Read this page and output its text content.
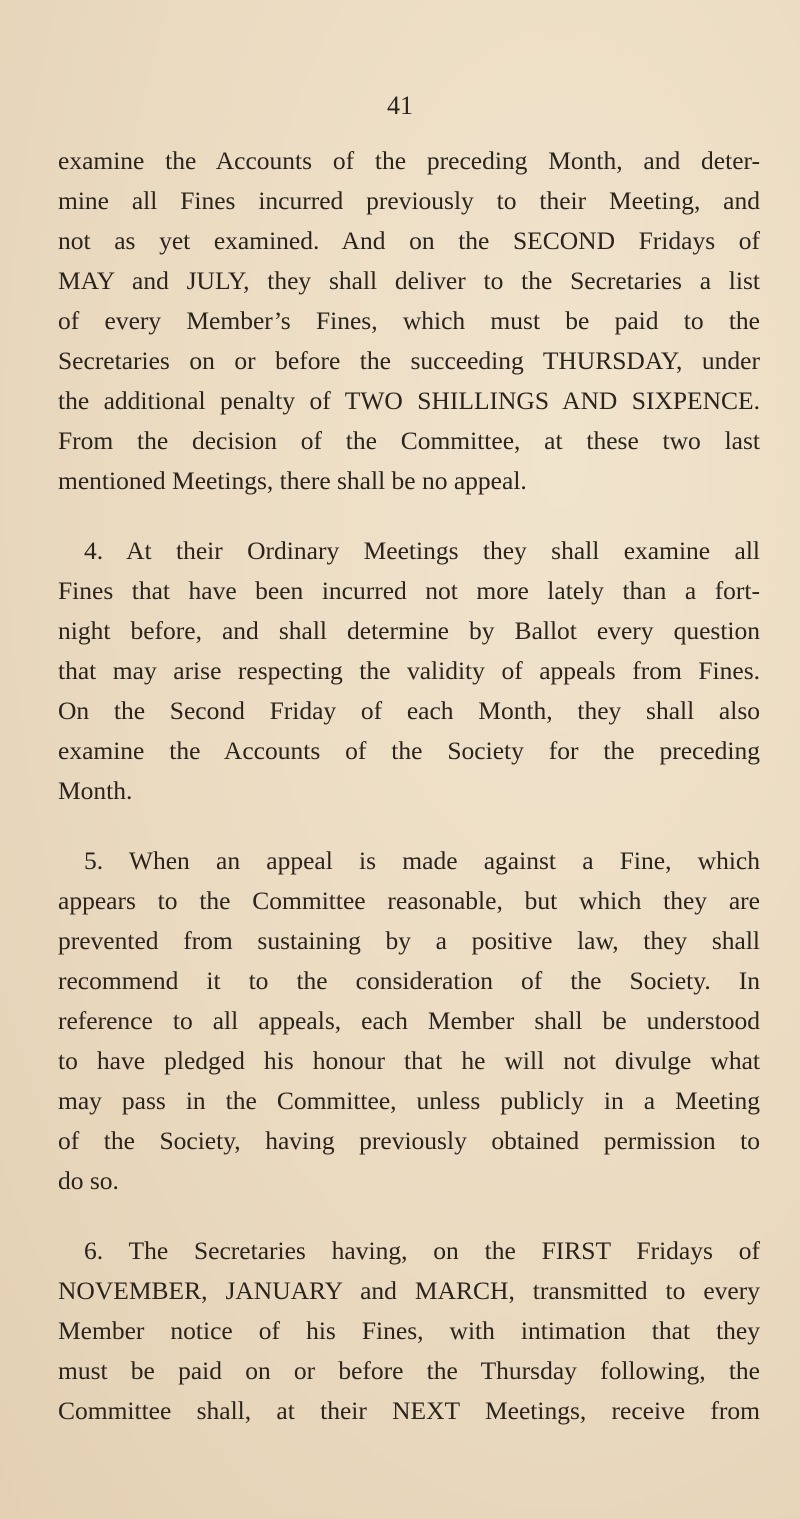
41
examine the Accounts of the preceding Month, and deter-
mine all Fines incurred previously to their Meeting, and
not as yet examined. And on the SECOND Fridays of
MAY and JULY, they shall deliver to the Secretaries a list
of every Member’s Fines, which must be paid to the
Secretaries on or before the succeeding THURSDAY, under
the additional penalty of TWO SHILLINGS AND SIXPENCE.
From the decision of the Committee, at these two last
mentioned Meetings, there shall be no appeal.
4. At their Ordinary Meetings they shall examine all
Fines that have been incurred not more lately than a fort-
night before, and shall determine by Ballot every question
that may arise respecting the validity of appeals from Fines.
On the Second Friday of each Month, they shall also
examine the Accounts of the Society for the preceding
Month.
5. When an appeal is made against a Fine, which
appears to the Committee reasonable, but which they are
prevented from sustaining by a positive law, they shall
recommend it to the consideration of the Society. In
reference to all appeals, each Member shall be understood
to have pledged his honour that he will not divulge what
may pass in the Committee, unless publicly in a Meeting
of the Society, having previously obtained permission to
do so.
6. The Secretaries having, on the FIRST Fridays of
NOVEMBER, JANUARY and MARCH, transmitted to every
Member notice of his Fines, with intimation that they
must be paid on or before the Thursday following, the
Committee shall, at their NEXT Meetings, receive from
